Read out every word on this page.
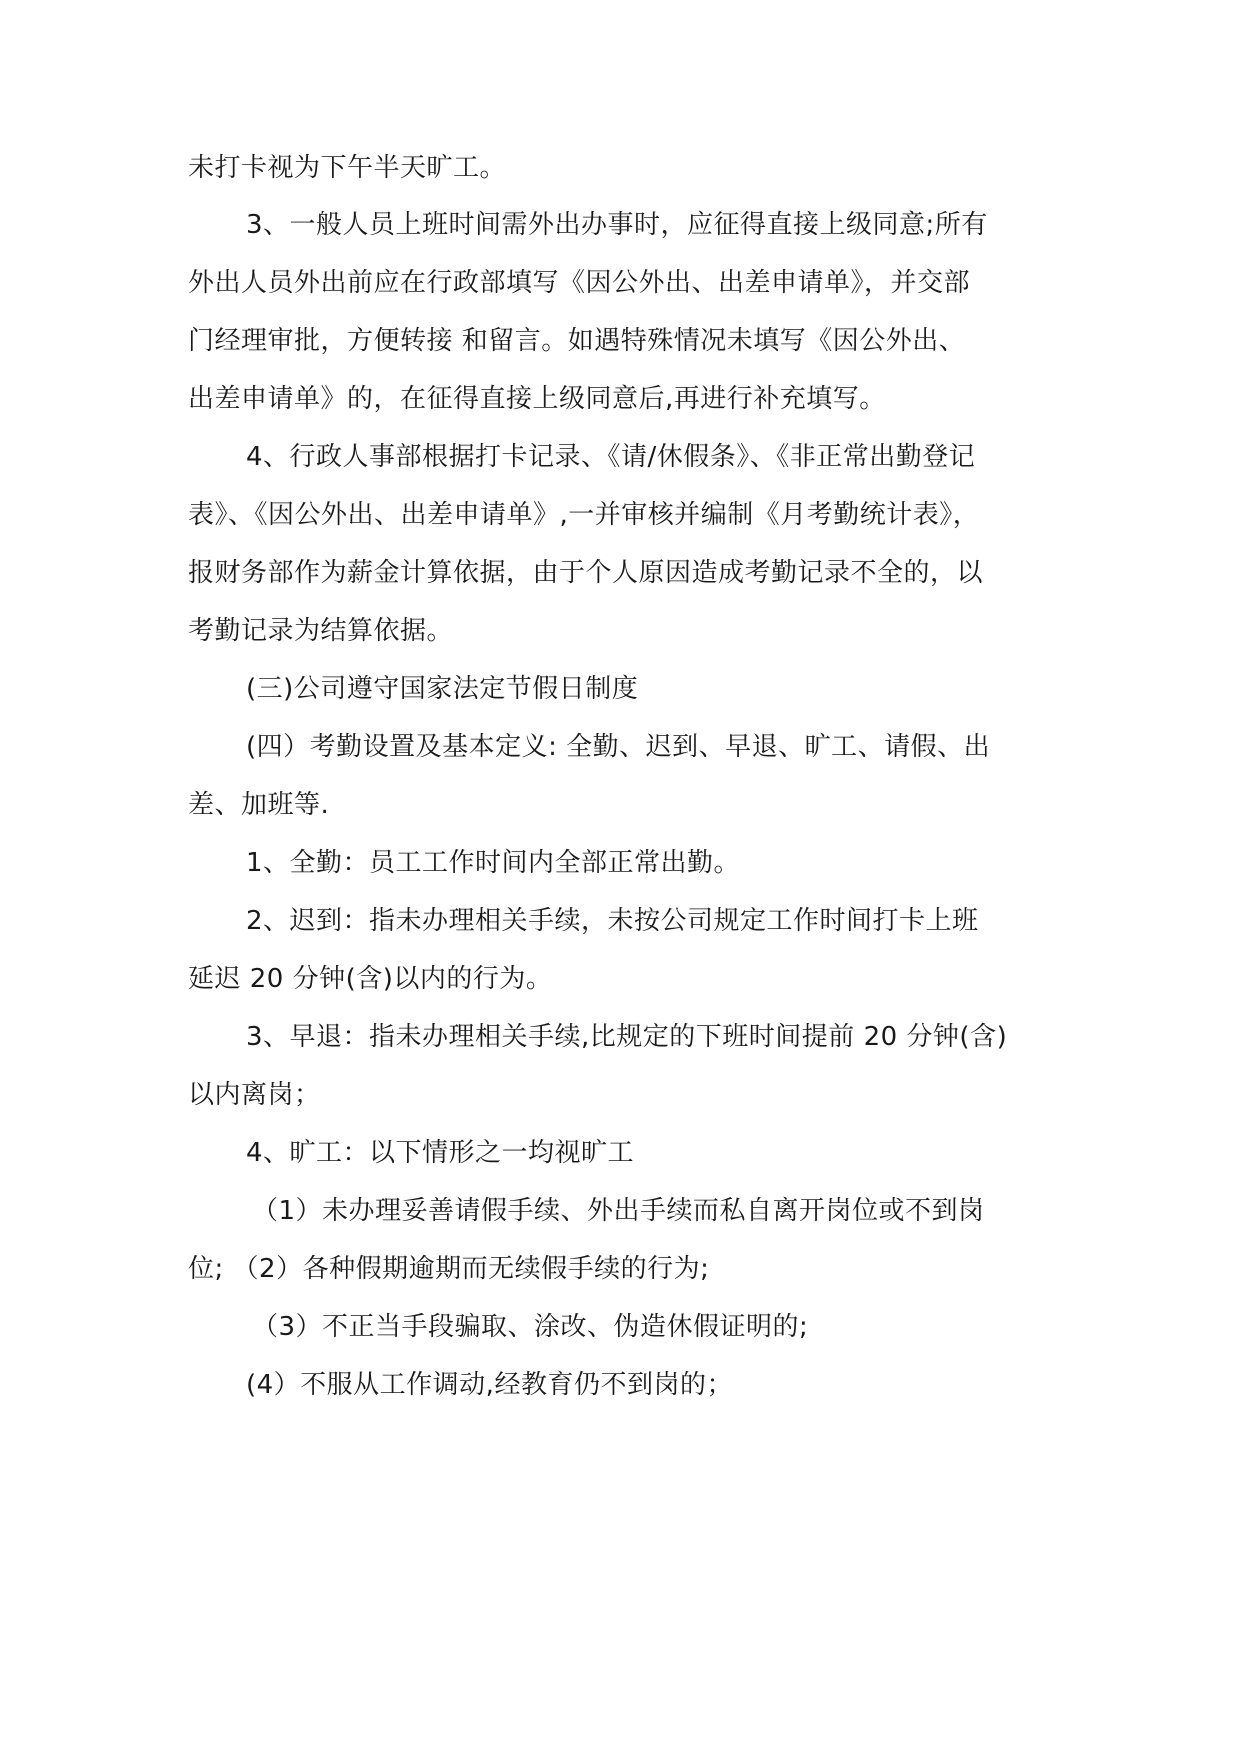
未打卡视为下午半天旷工。
3、一般人员上班时间需外出办事时，应征得直接上级同意;所有
外出人员外出前应在行政部填写《因公外出、出差申请单》，并交部
门经理审批，方便转接 和留言。如遇特殊情况未填写《因公外出、
出差申请单》的，在征得直接上级同意后,再进行补充填写。
4、行政人事部根据打卡记录、《请/休假条》、《非正常出勤登记
表》、《因公外出、出差申请单》,一并审核并编制《月考勤统计表》，
报财务部作为薪金计算依据，由于个人原因造成考勤记录不全的，以
考勤记录为结算依据。
(三)公司遵守国家法定节假日制度
(四）考勤设置及基本定义: 全勤、迟到、早退、旷工、请假、出
差、加班等.
1、全勤：员工工作时间内全部正常出勤。
2、迟到：指未办理相关手续，未按公司规定工作时间打卡上班
延迟 20 分钟(含)以内的行为。
3、早退：指未办理相关手续,比规定的下班时间提前 20 分钟(含)
以内离岗；
4、旷工：以下情形之一均视旷工
（1）未办理妥善请假手续、外出手续而私自离开岗位或不到岗
位; （2）各种假期逾期而无续假手续的行为;
（3）不正当手段骗取、涂改、伪造休假证明的;
(4）不服从工作调动,经教育仍不到岗的；
